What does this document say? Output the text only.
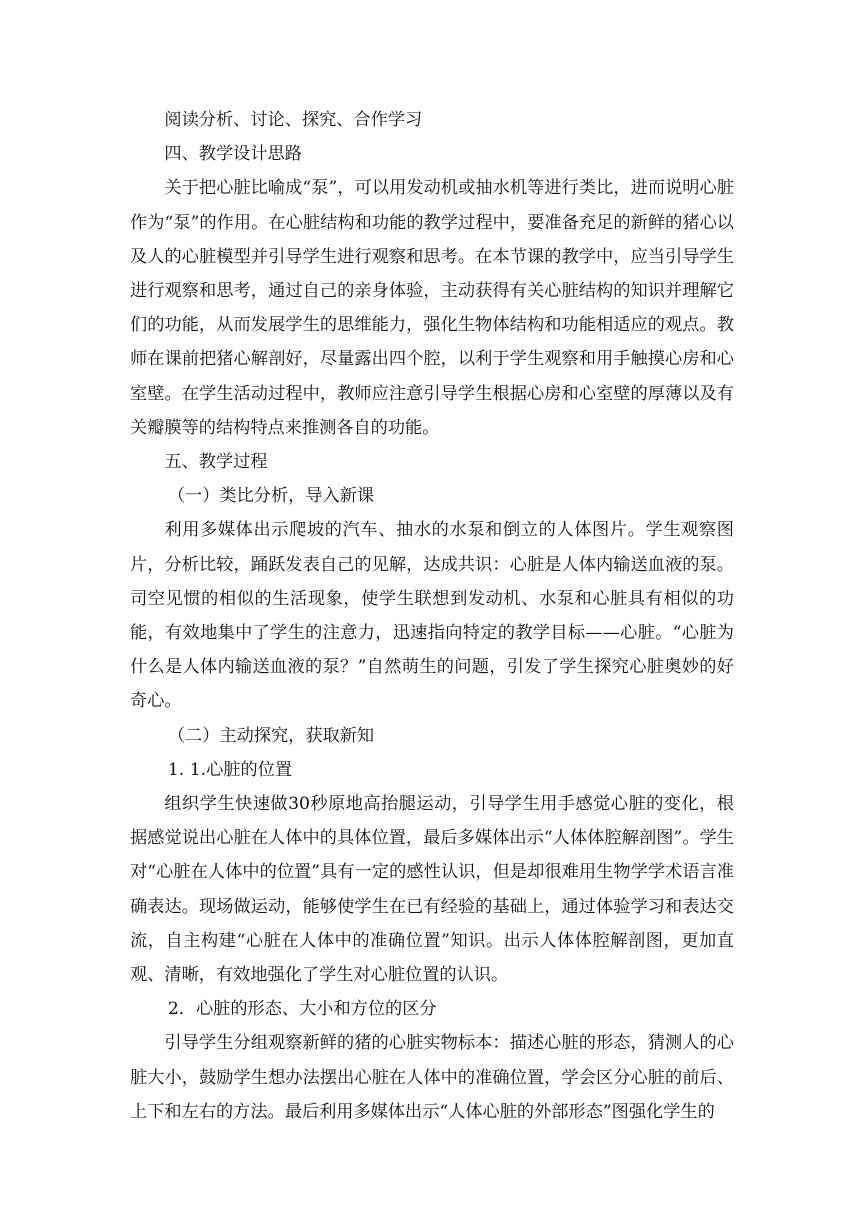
阅读分析、讨论、探究、合作学习

四、教学设计思路

关于把心脏比喻成“泵”，可以用发动机或抽水机等进行类比，进而说明心脏作为“泵”的作用。在心脏结构和功能的教学过程中，要准备充足的新鲜的猪心以及人的心脏模型并引导学生进行观察和思考。在本节课的教学中，应当引导学生进行观察和思考，通过自己的亲身体验，主动获得有关心脏结构的知识并理解它们的功能，从而发展学生的思维能力，强化生物体结构和功能相适应的观点。教师在课前把猪心解剖好，尽量露出四个腔，以利于学生观察和用手触摸心房和心室壁。在学生活动过程中，教师应注意引导学生根据心房和心室壁的厚薄以及有关瓣膜等的结构特点来推测各自的功能。

五、教学过程

（一）类比分析，导入新课

利用多媒体出示爬坡的汽车、抽水的水泵和倒立的人体图片。学生观察图片，分析比较，踊跃发表自己的见解，达成共识：心脏是人体内输送血液的泵。司空见惯的相似的生活现象，使学生联想到发动机、水泵和心脏具有相似的功能，有效地集中了学生的注意力，迅速指向特定的教学目标——心脏。“心脏为什么是人体内输送血液的泵？”自然萌生的问题，引发了学生探究心脏奥妙的好奇心。

（二）主动探究，获取新知

1. 1.心脏的位置

组织学生快速做30秒原地高抬腿运动，引导学生用手感觉心脏的变化，根据感觉说出心脏在人体中的具体位置，最后多媒体出示“人体体腔解剖图”。学生对“心脏在人体中的位置”具有一定的感性认识，但是却很难用生物学学术语言准确表达。现场做运动，能够使学生在已有经验的基础上，通过体验学习和表达交流，自主构建“心脏在人体中的准确位置”知识。出示人体体腔解剖图，更加直观、清晰，有效地强化了学生对心脏位置的认识。

2．心脏的形态、大小和方位的区分

引导学生分组观察新鲜的猪的心脏实物标本：描述心脏的形态，猜测人的心脏大小，鼓励学生想办法摆出心脏在人体中的准确位置，学会区分心脏的前后、上下和左右的方法。最后利用多媒体出示“人体心脏的外部形态”图强化学生的
